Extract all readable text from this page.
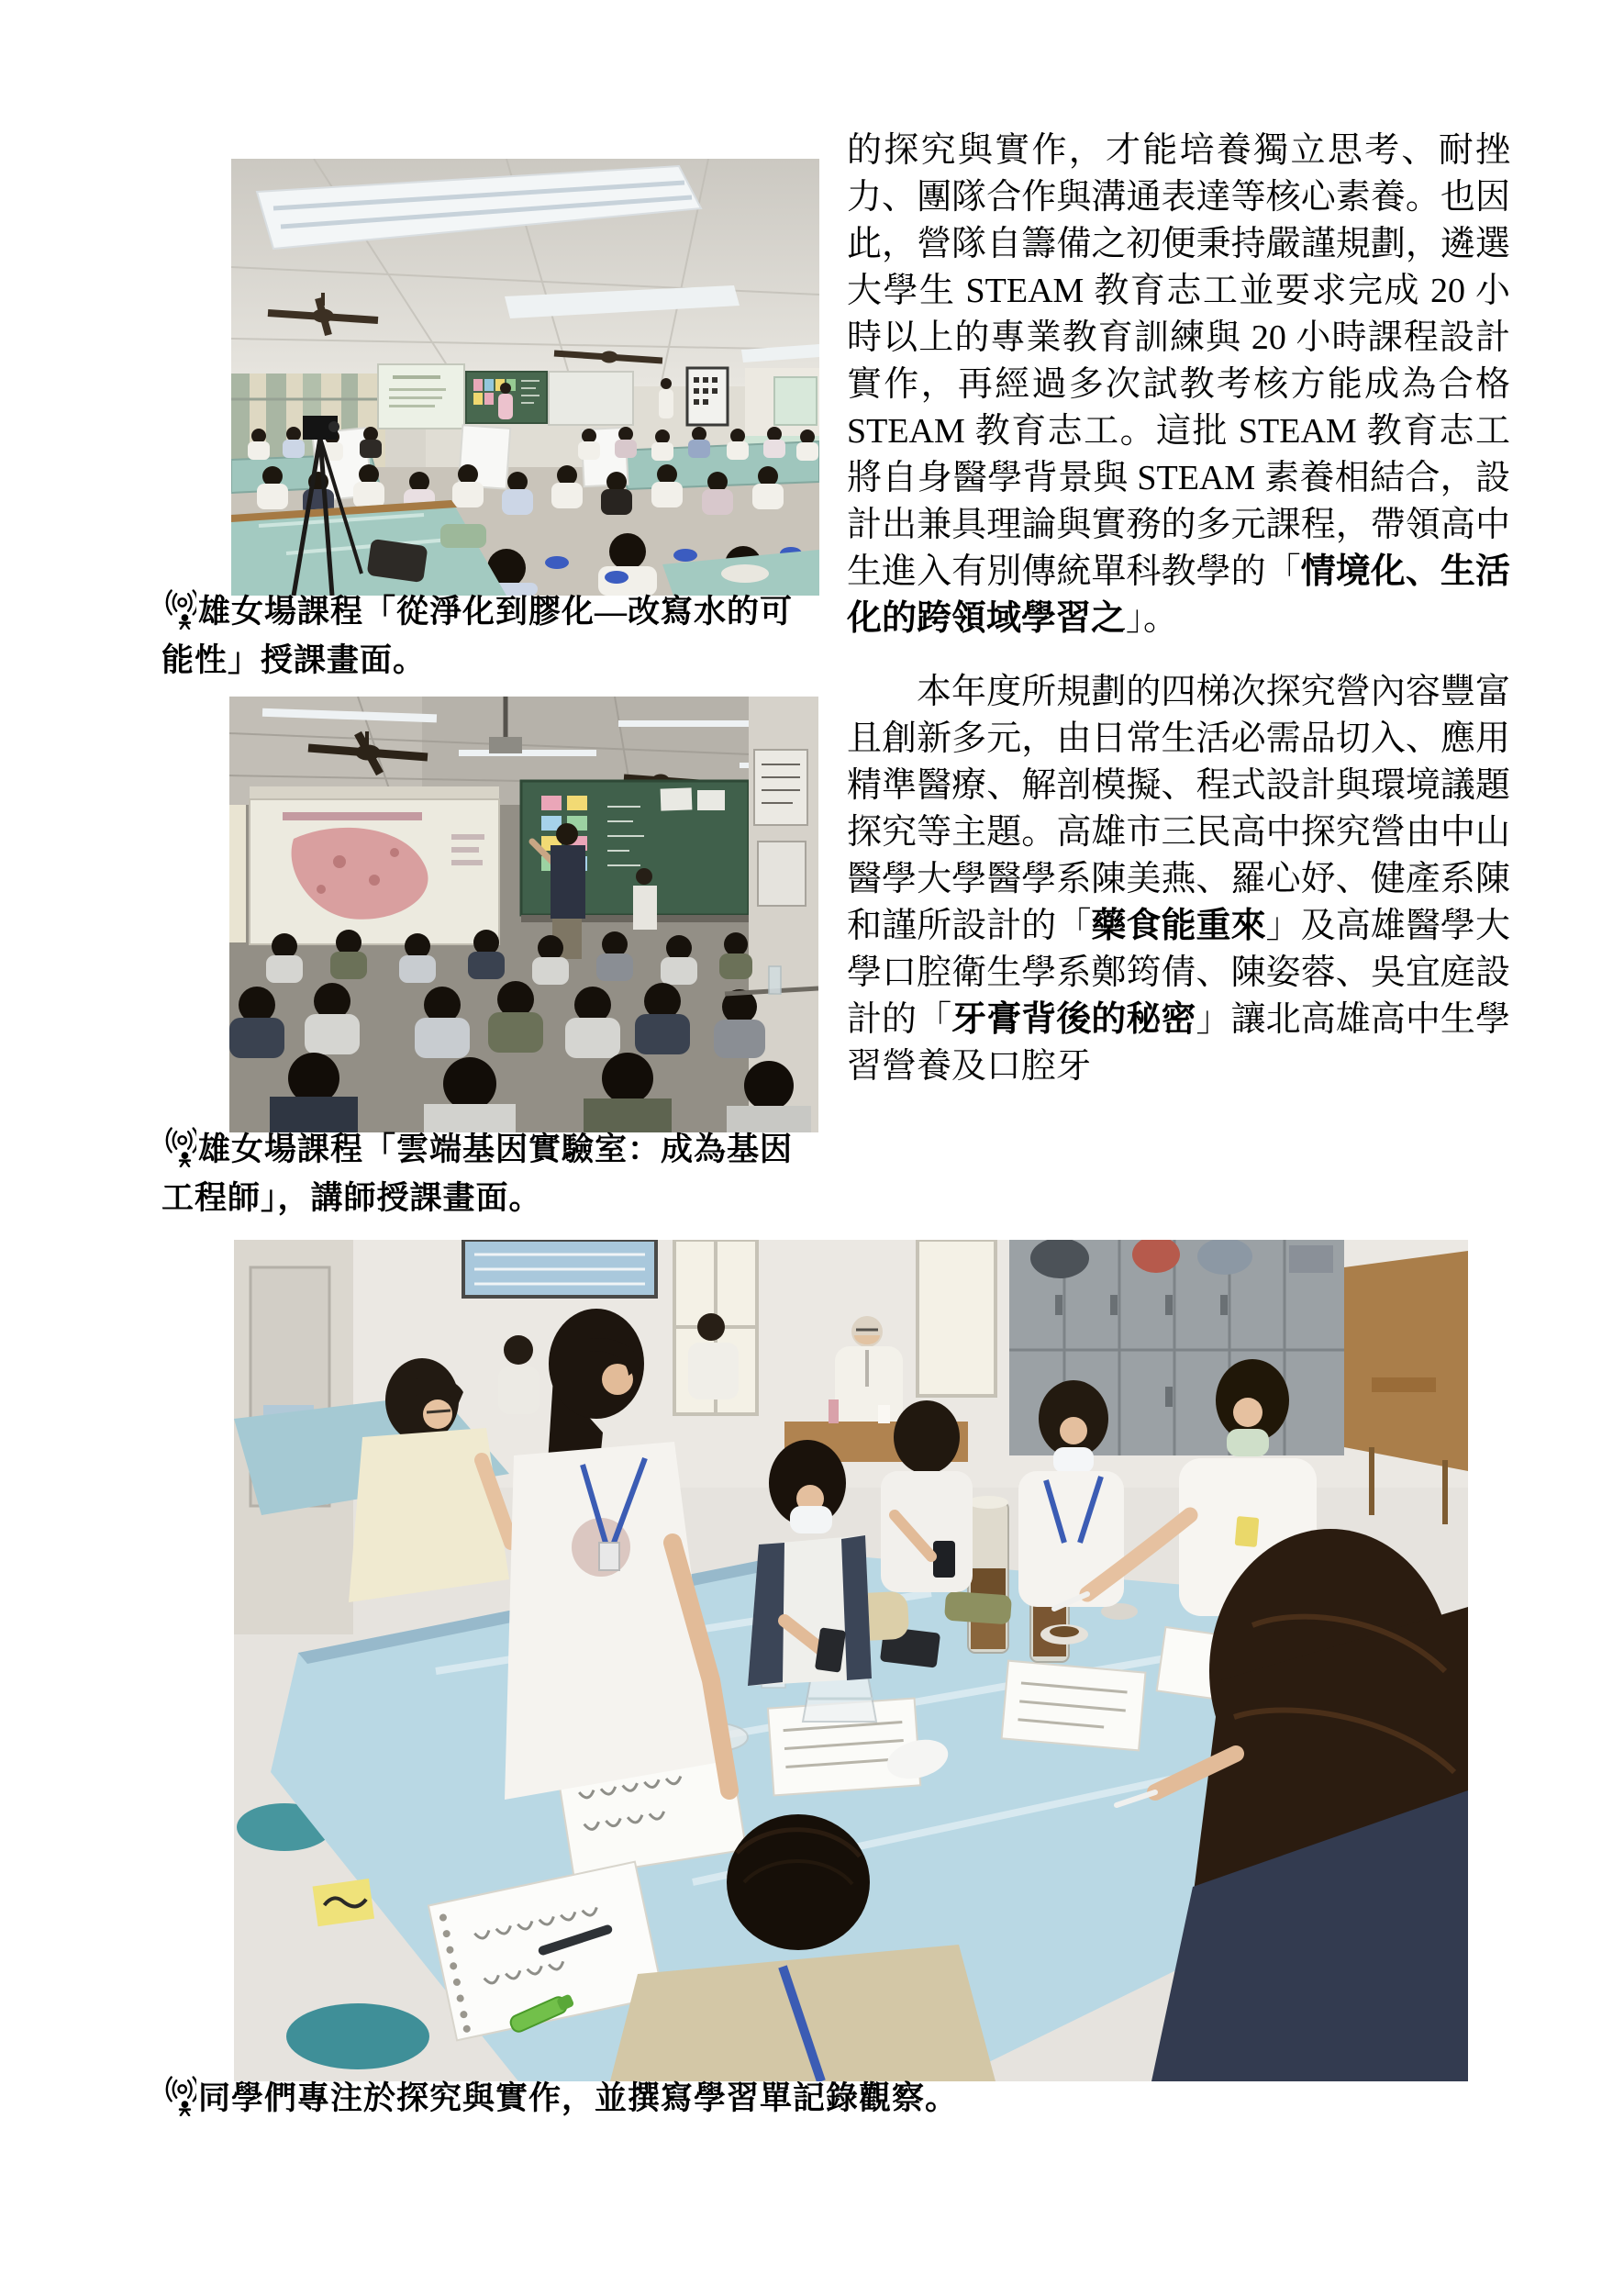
雄女場課程「從淨化到膠化—改寫水的可能性」授課畫面。
雄女場課程「雲端基因實驗室：成為基因工程師」，講師授課畫面。
同學們專注於探究與實作，並撰寫學習單記錄觀察。

的探究與實作，才能培養獨立思考、耐挫力、團隊合作與溝通表達等核心素養。也因此，營隊自籌備之初便秉持嚴謹規劃，遴選大學生 STEAM 教育志工並要求完成 20 小時以上的專業教育訓練與 20 小時課程設計實作，再經過多次試教考核方能成為合格 STEAM 教育志工。這批 STEAM 教育志工將自身醫學背景與 STEAM 素養相結合，設計出兼具理論與實務的多元課程，帶領高中生進入有別傳統單科教學的「情境化、生活化的跨領域學習之」。

本年度所規劃的四梯次探究營內容豐富且創新多元，由日常生活必需品切入、應用精準醫療、解剖模擬、程式設計與環境議題探究等主題。高雄市三民高中探究營由中山醫學大學醫學系陳美燕、羅心妤、健產系陳和謹所設計的「藥食能重來」及高雄醫學大學口腔衛生學系鄭筠倩、陳姿蓉、吳宜庭設計的「牙膏背後的秘密」讓北高雄高中生學習營養及口腔牙
